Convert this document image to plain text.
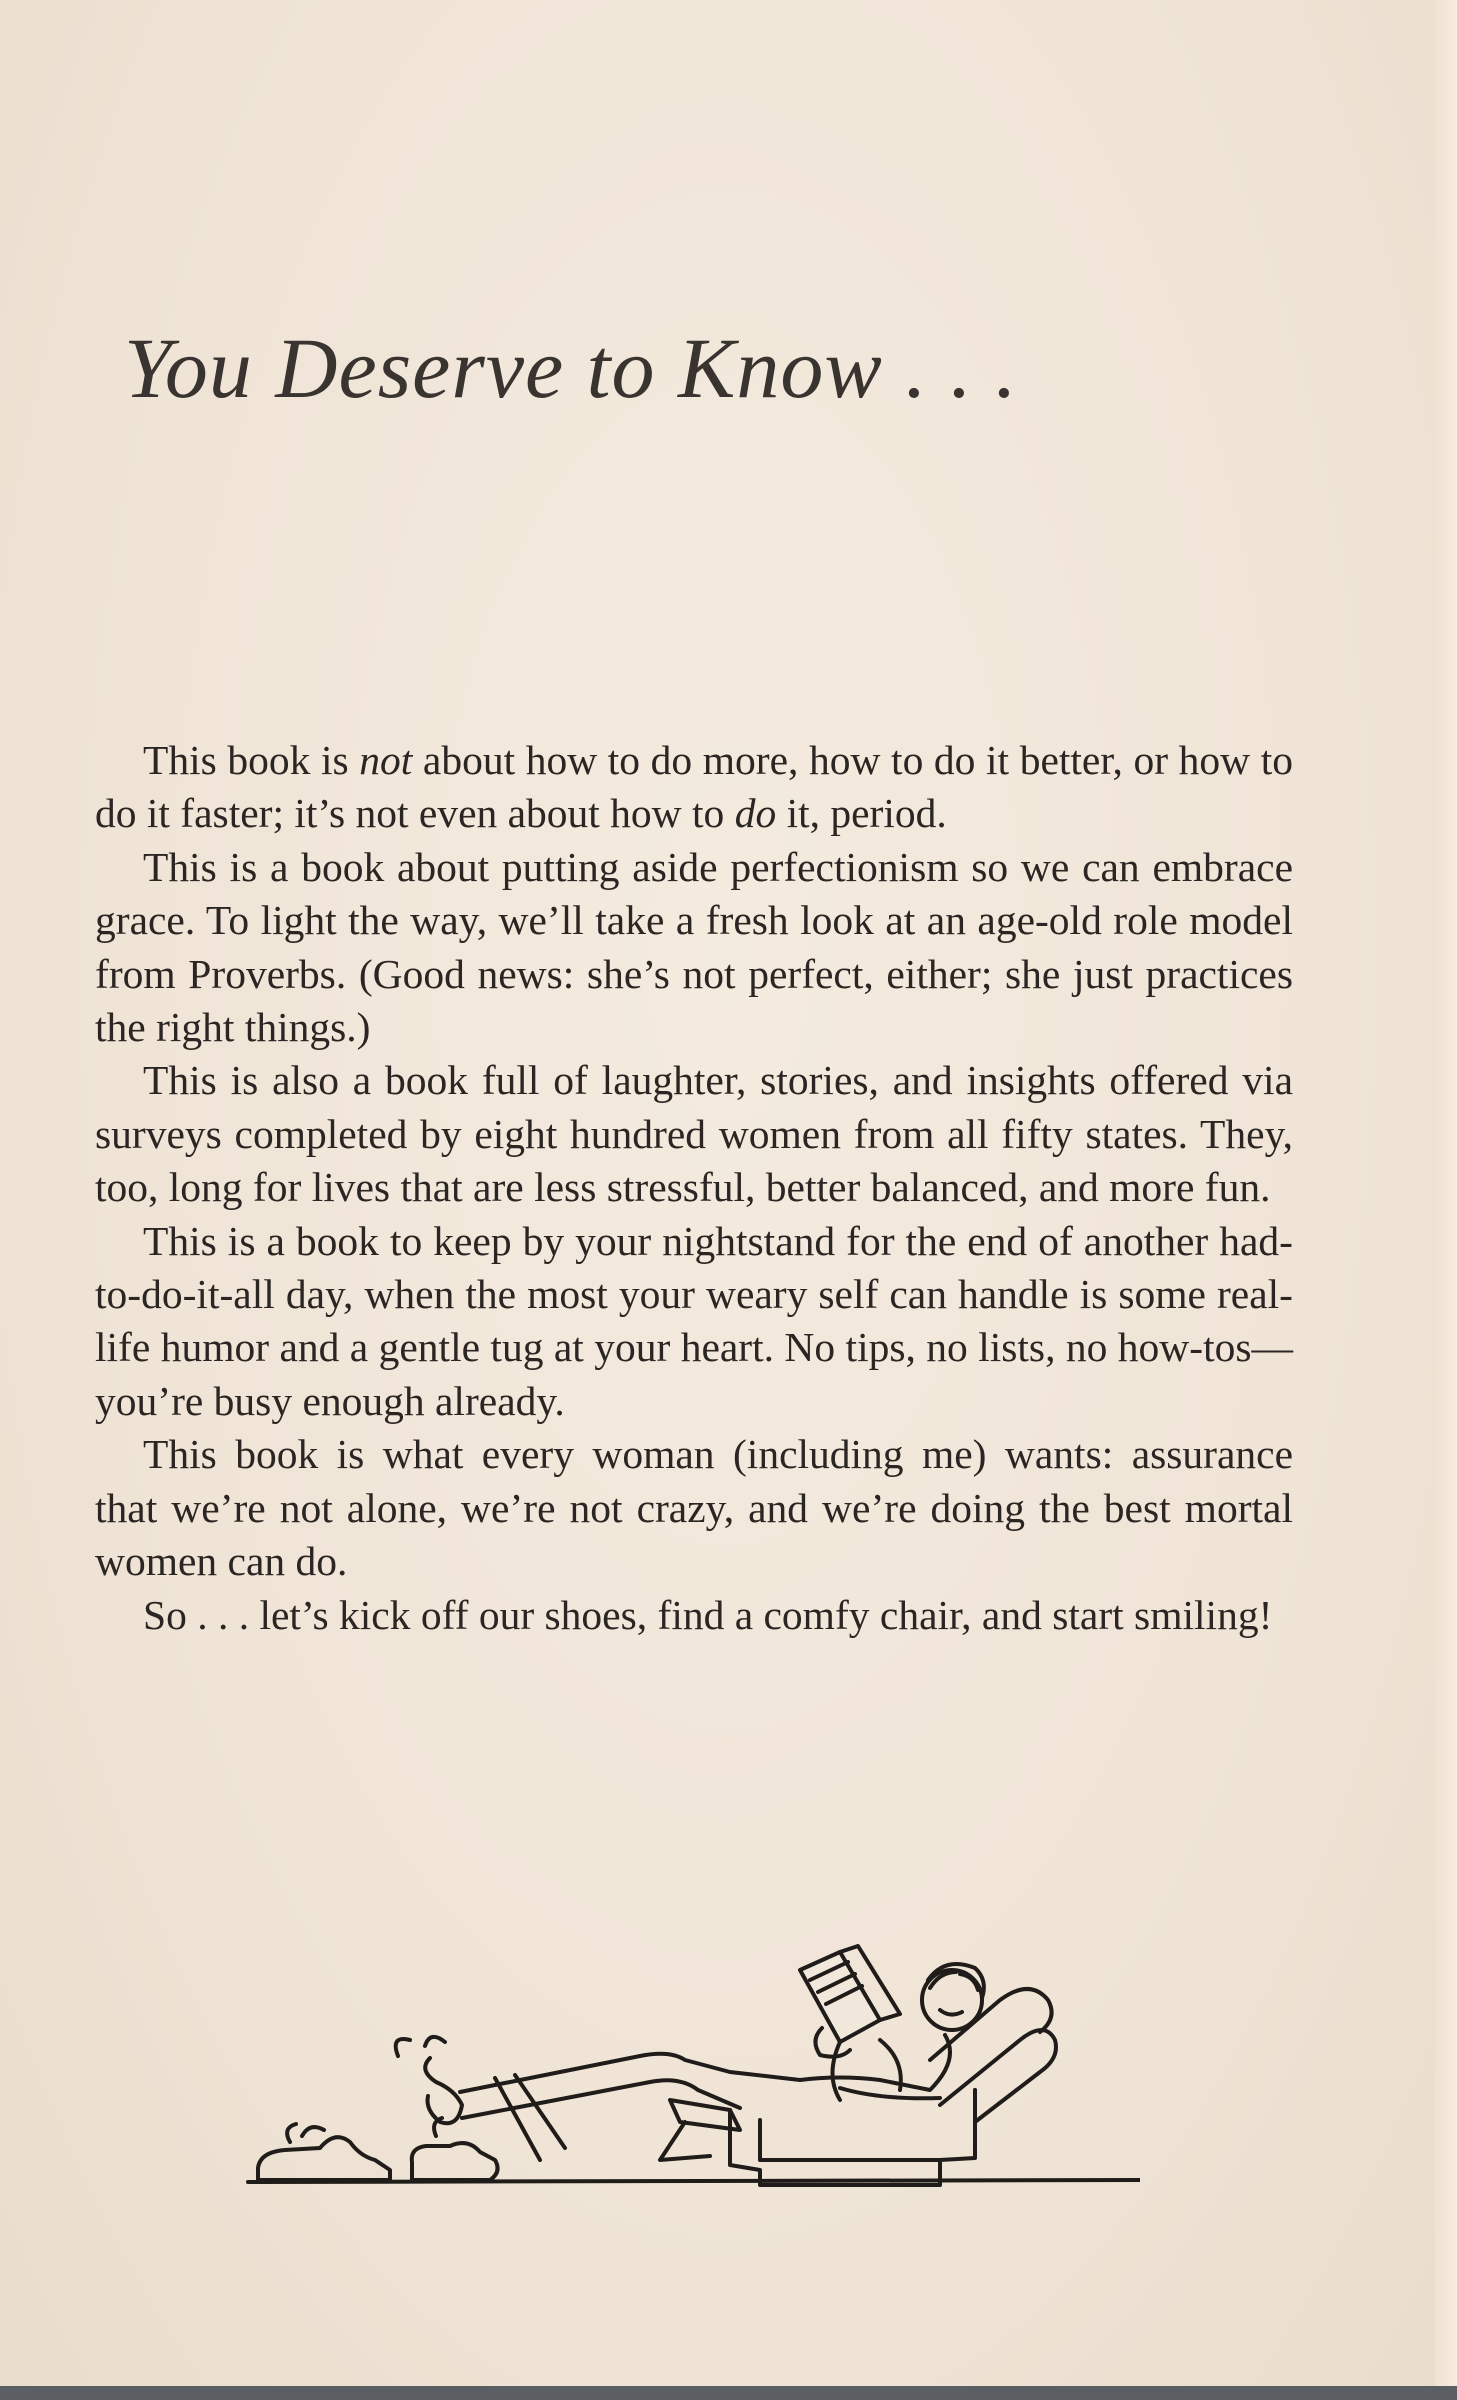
You Deserve to Know . . .

This book is not about how to do more, how to do it better, or how to do it faster; it’s not even about how to do it, period.

This is a book about putting aside perfectionism so we can embrace grace. To light the way, we’ll take a fresh look at an age-old role model from Proverbs. (Good news: she’s not perfect, either; she just practices the right things.)

This is also a book full of laughter, stories, and insights offered via surveys completed by eight hundred women from all fifty states. They, too, long for lives that are less stressful, better balanced, and more fun.

This is a book to keep by your nightstand for the end of another had-to-do-it-all day, when the most your weary self can handle is some real-life humor and a gentle tug at your heart. No tips, no lists, no how-tos—you’re busy enough already.

This book is what every woman (including me) wants: assurance that we’re not alone, we’re not crazy, and we’re doing the best mortal women can do.

So . . . let’s kick off our shoes, find a comfy chair, and start smiling!
